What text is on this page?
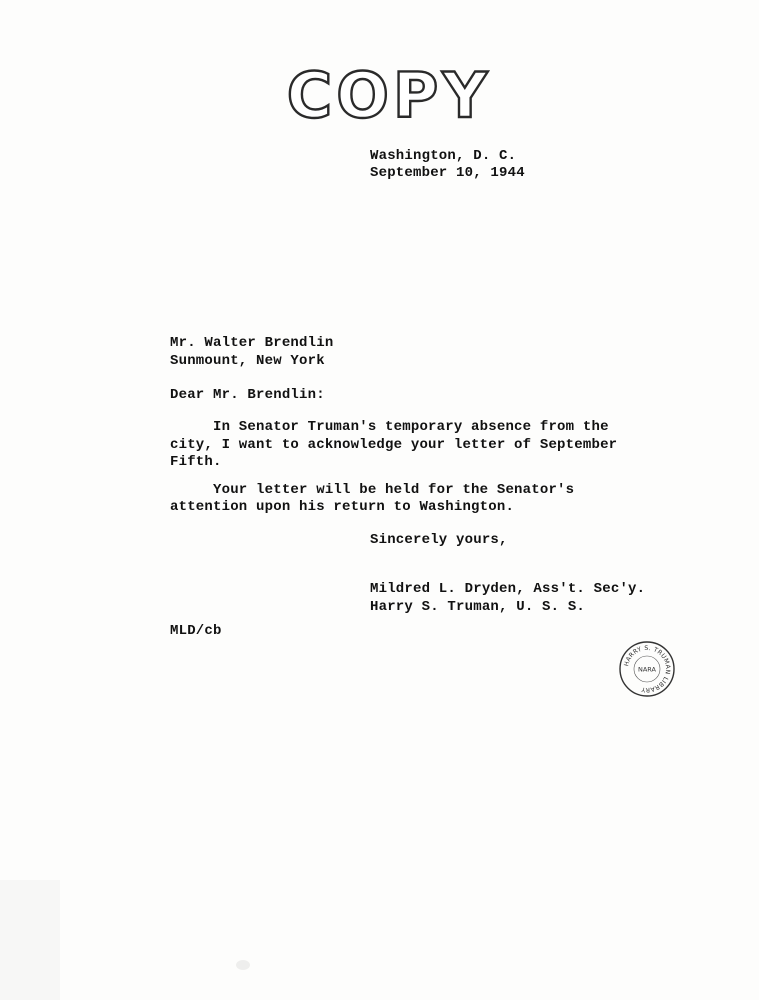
COPY
Washington, D. C.
September 10, 1944
Mr. Walter Brendlin
Sunmount, New York
Dear Mr. Brendlin:
In Senator Truman's temporary absence from the
city, I want to acknowledge your letter of September
Fifth.
Your letter will be held for the Senator's
attention upon his return to Washington.
Sincerely yours,
Mildred L. Dryden, Ass't. Sec'y.
Harry S. Truman, U. S. S.
MLD/cb
HARRY S. TRUMAN LIBRARY
NARA
